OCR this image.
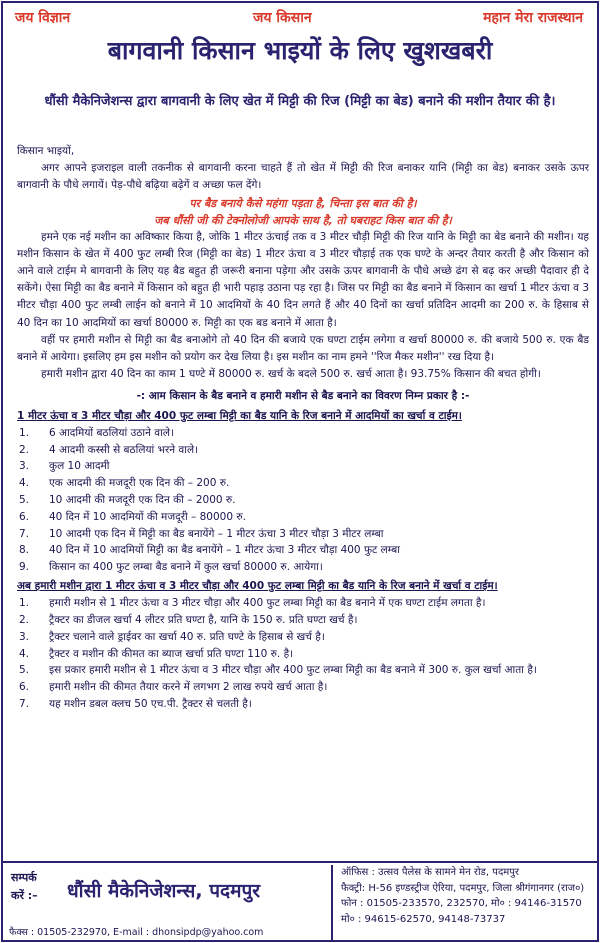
जय विज्ञान	जय किसान	महान मेरा राजस्थान
बागवानी किसान भाइयों के लिए खुशखबरी
धौंसी मैकेनिजेशन्स द्वारा बागवानी के लिए खेत में मिट्टी की रिज (मिट्टी का बेड) बनाने की मशीन तैयार की है।
किसान भाइयों,

अगर आपने इजराइल वाली तकनीक से बागवानी करना चाहते हैं तो खेत में मिट्टी की रिज बनाकर यानि (मिट्टी का बेड) बनाकर उसके ऊपर बागवानी के पौधे लगायें। पेड़-पौधे बढ़िया बढ़ेगें व अच्छा फल देंगे।

पर बैड बनाये कैसे महंगा पड़ता है, चिन्ता इस बात की है।
जब धौंसी जी की टेक्नोलोजी आपके साथ है, तो घबराहट किस बात की है।

हमने एक नई मशीन का अविष्कार किया है, जोकि 1 मीटर ऊंचाई तक व 3 मीटर चौड़ी मिट्टी की रिज यानि के मिट्टी का बेड बनाने की मशीन। यह मशीन किसान के खेत में 400 फुट लम्बी रिज (मिट्टी का बेड) 1 मीटर ऊंचा व 3 मीटर चौड़ाई तक एक घण्टे के अन्दर तैयार करती है और किसान को आने वाले टाईम मे बागवानी के लिए यह बैड बहुत ही जरूरी बनाना पड़ेगा और उसके ऊपर बागवानी के पौधे अच्छे ढंग से बढ़ कर अच्छी पैदावार ही दे सकेंगे। ऐसा मिट्टी का बैड बनाने में किसान को बहुत ही भारी पहाड़ उठाना पड़ रहा है। जिस पर मिट्टी का बैड बनाने में किसान का खर्चा 1 मीटर ऊंचा व 3 मीटर चौड़ा 400 फुट लम्बी लाईन को बनाने में 10 आदमियों के 40 दिन लगते हैं और 40 दिनों का खर्चा प्रतिदिन आदमी का 200 रु. के हिसाब से 40 दिन का 10 आदमियों का खर्चा 80000 रु. मिट्टी का एक बड बनाने में आता है।

वहीं पर हमारी मशीन से मिट्टी का बैड बनाओगे तो 40 दिन की बजाये एक घण्टा टाईम लगेगा व खर्चा 80000 रु. की बजाये 500 रु. एक बैड बनाने में आयेगा। इसलिए हम इस मशीन को प्रयोग कर देख लिया है। इस मशीन का नाम हमने ''रिज मैकर मशीन'' रख दिया है।

हमारी मशीन द्वारा 40 दिन का काम 1 घण्टे में 80000 रु. खर्च के बदले 500 रु. खर्च आता है। 93.75% किसान की बचत होगी।

-: आम किसान के बैड बनाने व हमारी मशीन से बैड बनाने का विवरण निम्न प्रकार है :-
1 मीटर ऊंचा व 3 मीटर चौड़ा और 400 फुट लम्बा मिट्टी का बैड यानि के रिज बनाने में आदमियों का खर्चा व टाईम।
1. 6 आदमियों बठलियां उठाने वाले।
2. 4 आदमी कस्सी से बठलियां भरने वाले।
3. कुल 10 आदमी
4. एक आदमी की मजदूरी एक दिन की – 200 रु.
5. 10 आदमी की मजदूरी एक दिन की – 2000 रु.
6. 40 दिन में 10 आदमियों की मजदूरी – 80000 रु.
7. 10 आदमी एक दिन में मिट्टी का बैड बनायेंगे – 1 मीटर ऊंचा 3 मीटर चौड़ा 3 मीटर लम्बा
8. 40 दिन में 10 आदमियों मिट्टी का बैड बनायेंगे – 1 मीटर ऊंचा 3 मीटर चौड़ा 400 फुट लम्बा
9. किसान का 400 फुट लम्बा बैड बनाने में कुल खर्चा 80000 रु. आयेगा।
अब हमारी मशीन द्वारा 1 मीटर ऊंचा व 3 मीटर चौड़ा और 400 फुट लम्बा मिट्टी का बैड यानि के रिज बनाने में खर्चा व टाईम।
1. हमारी मशीन से 1 मीटर ऊंचा व 3 मीटर चौड़ा और 400 फुट लम्बा मिट्टी का बैड बनाने में एक घण्टा टाईम लगता है।
2. ट्रैक्टर का डीजल खर्चा 4 लीटर प्रति घण्टा है, यानि के 150 रु. प्रति घण्टा खर्च है।
3. ट्रैक्टर चलाने वाले ड्राईवर का खर्चा 40 रु. प्रति घण्टे के हिसाब से खर्च है।
4. ट्रैक्टर व मशीन की कीमत का ब्याज खर्चा प्रति घण्टा 110 रु. है।
5. इस प्रकार हमारी मशीन से 1 मीटर ऊंचा व 3 मीटर चौड़ा और 400 फुट लम्बा मिट्टी का बैड बनाने में 300 रु. कुल खर्चा आता है।
6. हमारी मशीन की कीमत तैयार करने में लगभग 2 लाख रुपये खर्च आता है।
7. यह मशीन डबल क्लच 50 एच.पी. ट्रैक्टर से चलती है।
सम्पर्क
करें :– धौंसी मैकेनिजेशन्स, पदमपुर
फैक्स : 01505-232970, E-mail : dhonsipdp@yahoo.com
ऑफिस : उत्सव पैलेस के सामने मेन रोड, पदमपुर
फैक्ट्री: H-56 इण्डस्ट्रीज ऐरिया, पदमपुर, जिला श्रीगंगानगर (राज०)
फोन : 01505-233570, 232570, मो० : 94146-31570
मो० : 94615-62570, 94148-73737
